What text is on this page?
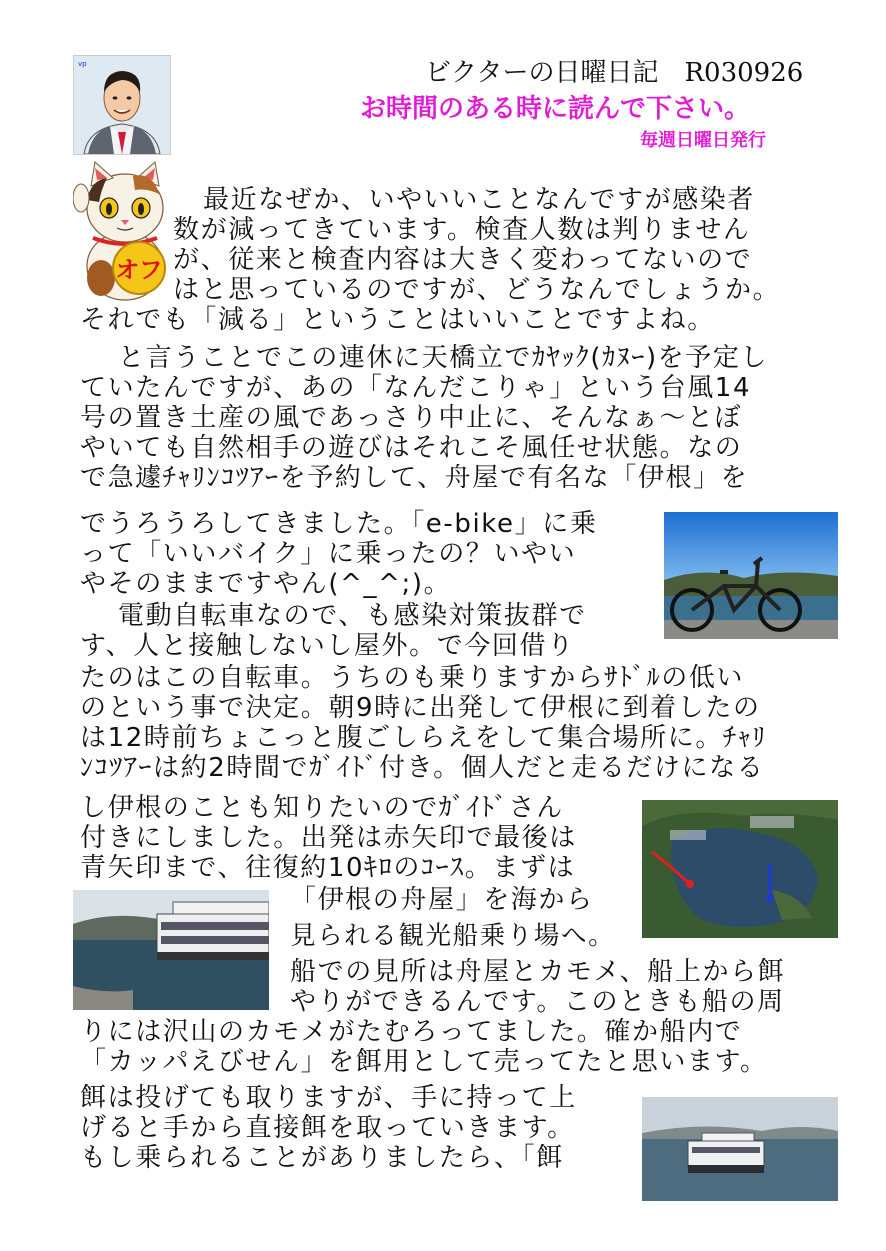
ビクターの日曜日記　R030926
お時間のある時に読んで下さい。
毎週日曜日発行
vp
オフ
最近なぜか、いやいいことなんですが感染者
数が減ってきています。検査人数は判りません
が、従来と検査内容は大きく変わってないので
はと思っているのですが、どうなんでしょうか。
それでも「減る」ということはいいことですよね。
と言うことでこの連休に天橋立でｶﾔｯｸ(ｶﾇｰ)を予定し
ていたんですが、あの「なんだこりゃ」という台風14
号の置き土産の風であっさり中止に、そんなぁ～とぼ
やいても自然相手の遊びはそれこそ風任せ状態。なの
で急遽ﾁｬﾘﾝｺﾂｱｰを予約して、舟屋で有名な「伊根」を
でうろうろしてきました。「e-bike」に乗
って「いいバイク」に乗ったの？いやい
やそのままですやん(^_^;)。
電動自転車なので、も感染対策抜群で
す、人と接触しないし屋外。で今回借り
たのはこの自転車。うちのも乗りますからｻﾄﾞﾙの低い
のという事で決定。朝9時に出発して伊根に到着したの
は12時前ちょこっと腹ごしらえをして集合場所に。ﾁｬﾘ
ﾝｺﾂｱｰは約2時間でｶﾞｲﾄﾞ付き。個人だと走るだけになる
し伊根のことも知りたいのでｶﾞｲﾄﾞさん
付きにしました。出発は赤矢印で最後は
青矢印まで、往復約10ｷﾛのｺｰｽ。まずは
「伊根の舟屋」を海から
見られる観光船乗り場へ。
船での見所は舟屋とカモメ、船上から餌
やりができるんです。このときも船の周
りには沢山のカモメがたむろってました。確か船内で
「カッパえびせん」を餌用として売ってたと思います。
餌は投げても取りますが、手に持って上
げると手から直接餌を取っていきます。
もし乗られることがありましたら、「餌
